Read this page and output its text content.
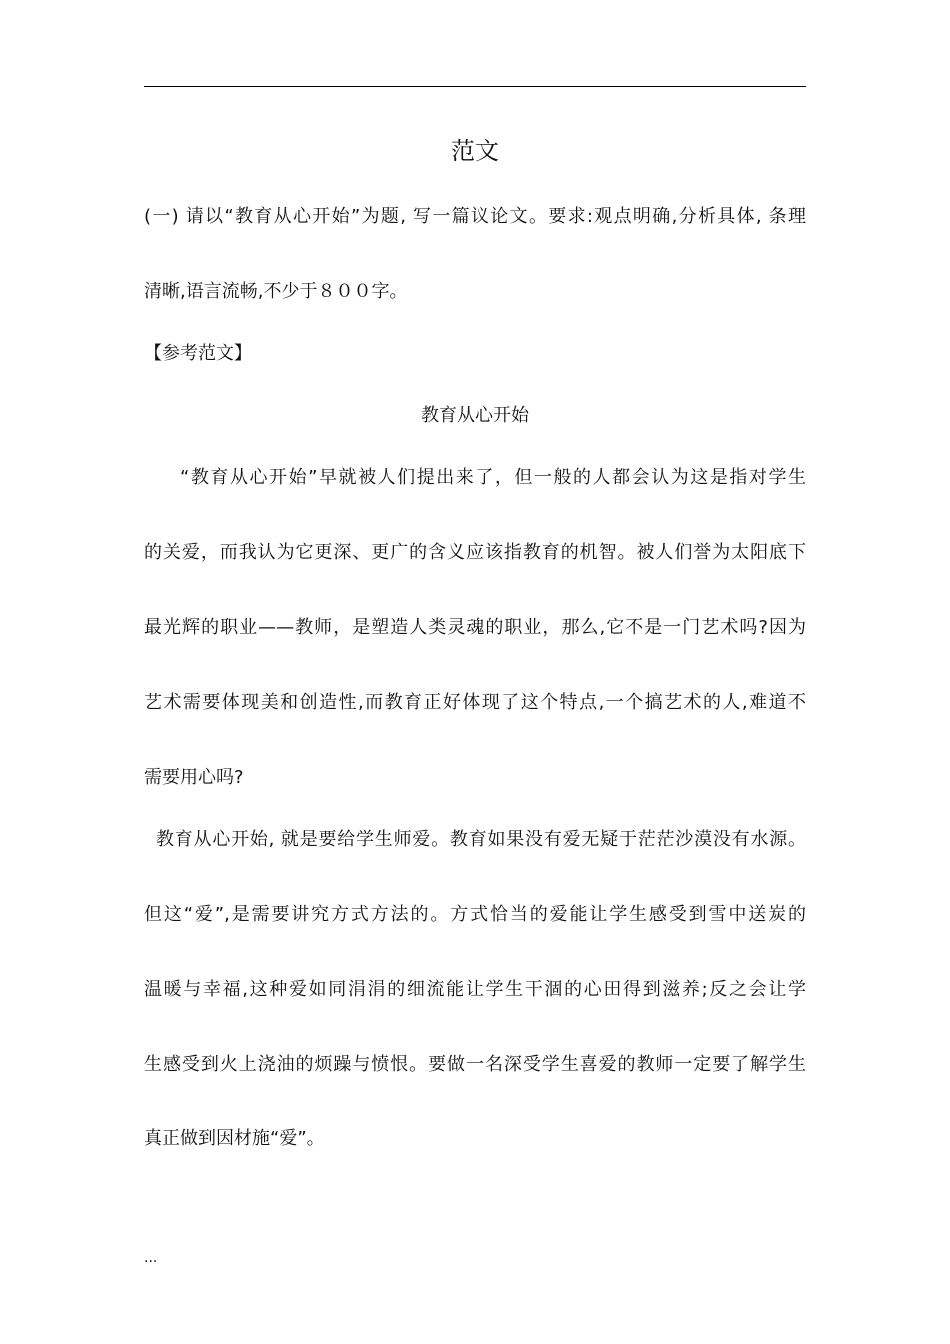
范文
(一) 请以“教育从心开始”为题, 写一篇议论文。要求:观点明确,分析具体, 条理
清晰,语言流畅,不少于８００字。
【参考范文】
教育从心开始
“教育从心开始”早就被人们提出来了，但一般的人都会认为这是指对学生
的关爱，而我认为它更深、更广的含义应该指教育的机智。被人们誉为太阳底下
最光辉的职业——教师，是塑造人类灵魂的职业，那么,它不是一门艺术吗?因为
艺术需要体现美和创造性,而教育正好体现了这个特点,一个搞艺术的人,难道不
需要用心吗?
教育从心开始, 就是要给学生师爱。教育如果没有爱无疑于茫茫沙漠没有水源。
但这“爱”,是需要讲究方式方法的。方式恰当的爱能让学生感受到雪中送炭的
温暖与幸福,这种爱如同涓涓的细流能让学生干涸的心田得到滋养;反之会让学
生感受到火上浇油的烦躁与愤恨。要做一名深受学生喜爱的教师一定要了解学生
真正做到因材施“爱”。
...
